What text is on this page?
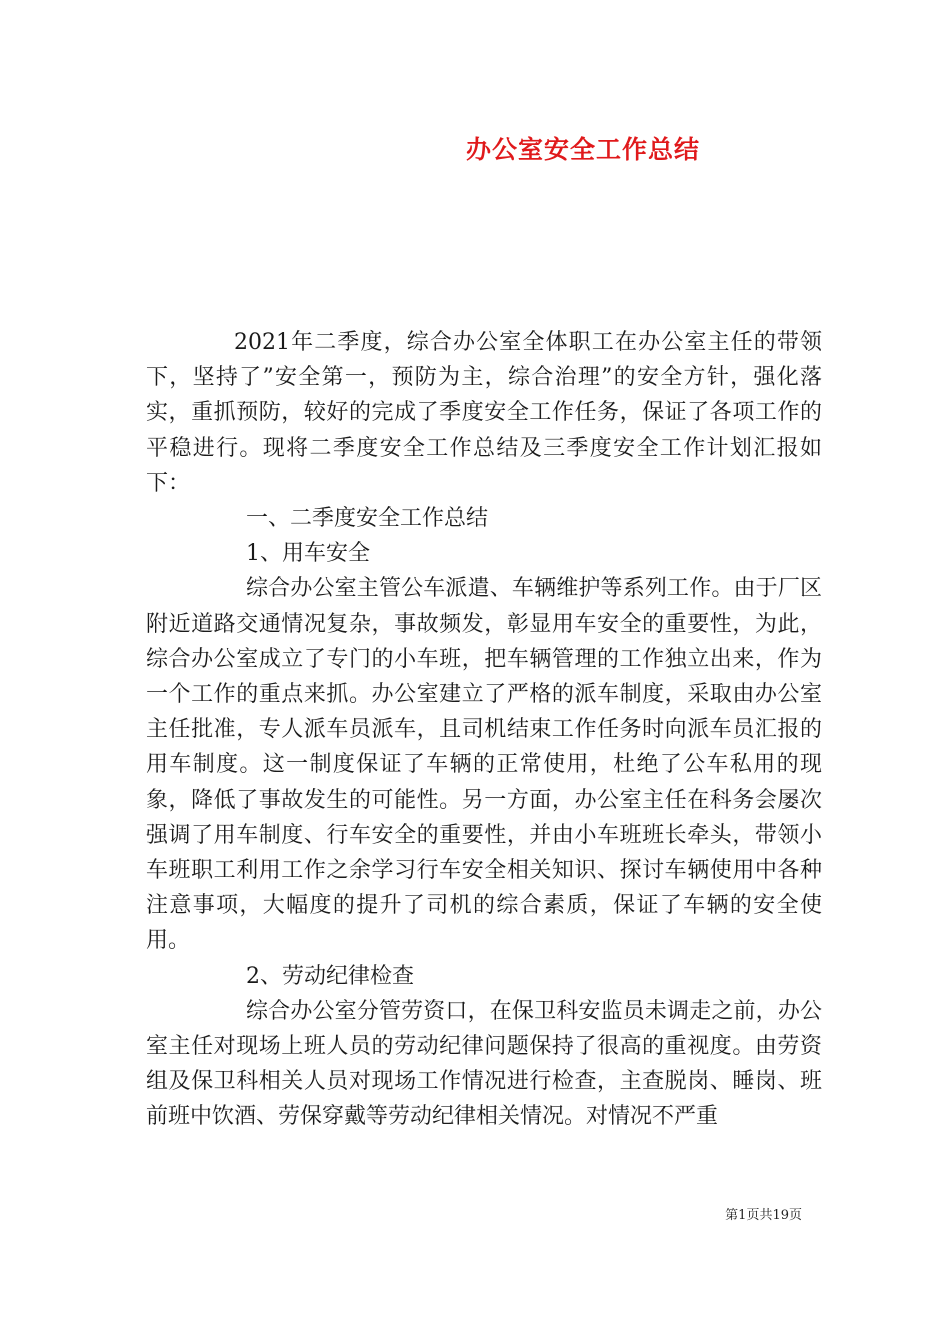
办公室安全工作总结

2021年二季度，综合办公室全体职工在办公室主任的带领下，坚持了”安全第一，预防为主，综合治理”的安全方针，强化落实，重抓预防，较好的完成了季度安全工作任务，保证了各项工作的平稳进行。现将二季度安全工作总结及三季度安全工作计划汇报如下：

一、二季度安全工作总结

1、用车安全

综合办公室主管公车派遣、车辆维护等系列工作。由于厂区附近道路交通情况复杂，事故频发，彰显用车安全的重要性，为此，综合办公室成立了专门的小车班，把车辆管理的工作独立出来，作为一个工作的重点来抓。办公室建立了严格的派车制度，采取由办公室主任批准，专人派车员派车，且司机结束工作任务时向派车员汇报的用车制度。这一制度保证了车辆的正常使用，杜绝了公车私用的现象，降低了事故发生的可能性。另一方面，办公室主任在科务会屡次强调了用车制度、行车安全的重要性，并由小车班班长牵头，带领小车班职工利用工作之余学习行车安全相关知识、探讨车辆使用中各种注意事项，大幅度的提升了司机的综合素质，保证了车辆的安全使用。

2、劳动纪律检查

综合办公室分管劳资口，在保卫科安监员未调走之前，办公室主任对现场上班人员的劳动纪律问题保持了很高的重视度。由劳资组及保卫科相关人员对现场工作情况进行检查，主查脱岗、睡岗、班前班中饮酒、劳保穿戴等劳动纪律相关情况。对情况不严重

第1页共19页
